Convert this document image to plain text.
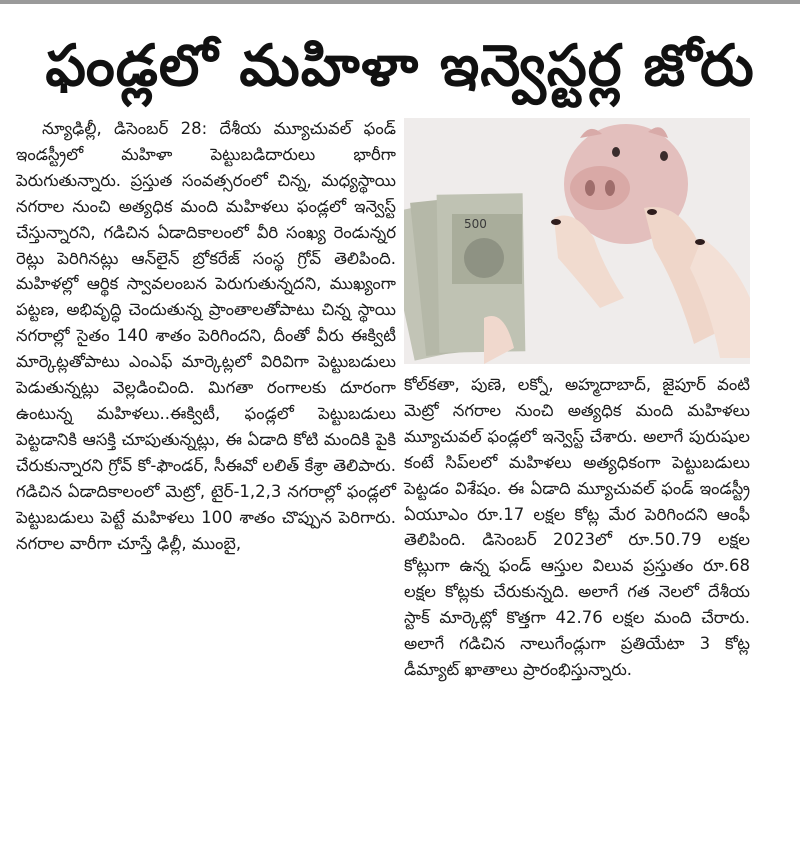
ఫండ్లలో మహిళా ఇన్వెస్టర్ల జోరు

న్యూఢిల్లీ, డిసెంబర్ 28: దేశీయ మ్యూచువల్ ఫండ్ ఇండస్ట్రీలో మహిళా పెట్టుబడిదారులు భారీగా పెరుగుతున్నారు. ప్రస్తుత సంవత్సరంలో చిన్న, మధ్యస్థాయి నగరాల నుంచి అత్యధిక మంది మహిళలు ఫండ్లలో ఇన్వెస్ట్ చేస్తున్నారని, గడిచిన ఏడాదికాలంలో వీరి సంఖ్య రెండున్నర రెట్లు పెరిగినట్లు ఆన్‌లైన్ బ్రోకరేజ్ సంస్థ గ్రోవ్ తెలిపింది. మహిళల్లో ఆర్థిక స్వావలంబన పెరుగుతున్నదని, ముఖ్యంగా పట్టణ, అభివృద్ధి చెందుతున్న ప్రాంతాలతోపాటు చిన్న స్థాయి నగరాల్లో సైతం 140 శాతం పెరిగిందని, దీంతో వీరు ఈక్విటీ మార్కెట్లతోపాటు ఎంఎఫ్ మార్కెట్లలో విరివిగా పెట్టుబడులు పెడుతున్నట్లు వెల్లడించింది. మిగతా రంగాలకు దూరంగా ఉంటున్న మహిళలు..ఈక్విటీ, ఫండ్లలో పెట్టుబడులు పెట్టడానికి ఆసక్తి చూపుతున్నట్లు, ఈ ఏడాది కోటి మందికి పైకి చేరుకున్నారని గ్రోవ్ కో-ఫౌండర్, సీఈవో లలిత్ కేశ్రా తెలిపారు. గడిచిన ఏడాదికాలంలో మెట్రో, టైర్-1,2,3 నగరాల్లో ఫండ్లలో పెట్టుబడులు పెట్టే మహిళలు 100 శాతం చొప్పున పెరిగారు. నగరాల వారీగా చూస్తే ఢిల్లీ, ముంబై,

500

కోల్‌కతా, పుణె, లక్నో, అహ్మదాబాద్, జైపూర్ వంటి మెట్రో నగరాల నుంచి అత్యధిక మంది మహిళలు మ్యూచువల్ ఫండ్లలో ఇన్వెస్ట్ చేశారు. అలాగే పురుషుల కంటే సిప్‌లలో మహిళలు అత్యధికంగా పెట్టుబడులు పెట్టడం విశేషం. ఈ ఏడాది మ్యూచువల్ ఫండ్ ఇండస్ట్రీ ఏయూఎం రూ.17 లక్షల కోట్ల మేర పెరిగిందని ఆంఫీ తెలిపింది. డిసెంబర్ 2023లో రూ.50.79 లక్షల కోట్లుగా ఉన్న ఫండ్ ఆస్తుల విలువ ప్రస్తుతం రూ.68 లక్షల కోట్లకు చేరుకున్నది. అలాగే గత నెలలో దేశీయ స్టాక్ మార్కెట్లో కొత్తగా 42.76 లక్షల మంది చేరారు. అలాగే గడిచిన నాలుగేండ్లుగా ప్రతియేటా 3 కోట్ల డీమ్యాట్ ఖాతాలు ప్రారంభిస్తున్నారు.
